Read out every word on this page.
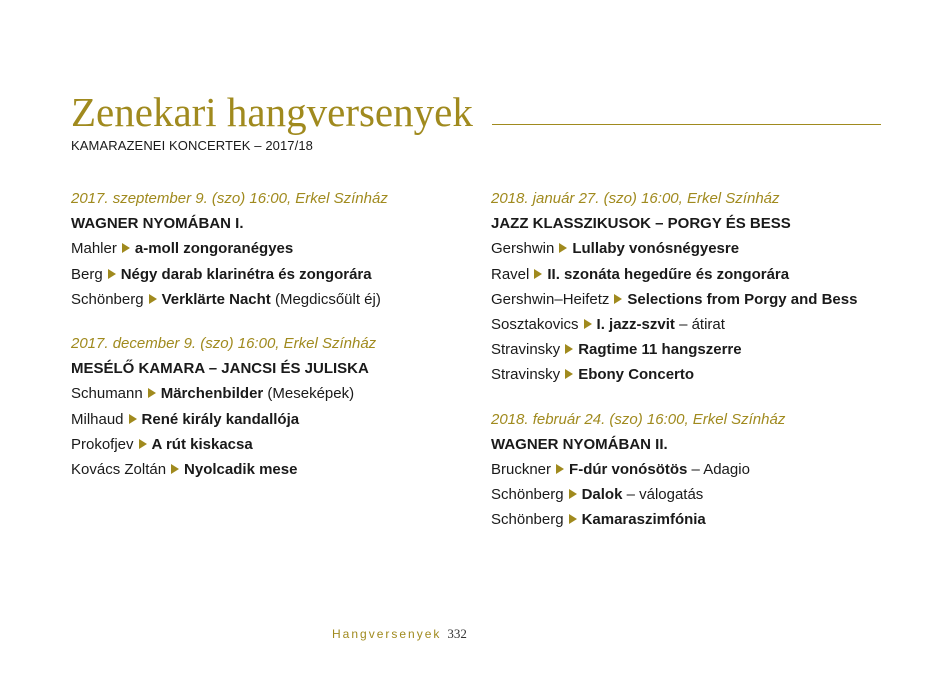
Zenekari hangversenyek
KAMARAZENEI KONCERTEK – 2017/18
2017. szeptember 9. (szo) 16:00, Erkel Színház
WAGNER NYOMÁBAN I.
Mahler a-moll zongoranégyes
Berg Négy darab klarinétra és zongorára
Schönberg Verklärte Nacht (Megdicsőült éj)
2017. december 9. (szo) 16:00, Erkel Színház
MESÉLŐ KAMARA – JANCSI ÉS JULISKA
Schumann Märchenbilder (Meseképek)
Milhaud René király kandallója
Prokofjev A rút kiskacsa
Kovács Zoltán Nyolcadik mese
2018. január 27. (szo) 16:00, Erkel Színház
JAZZ KLASSZIKUSOK – PORGY ÉS BESS
Gershwin Lullaby vonósnégyesre
Ravel II. szonáta hegedűre és zongorára
Gershwin–Heifetz Selections from Porgy and Bess
Sosztakovics I. jazz-szvit – átirat
Stravinsky Ragtime 11 hangszerre
Stravinsky Ebony Concerto
2018. február 24. (szo) 16:00, Erkel Színház
WAGNER NYOMÁBAN II.
Bruckner F-dúr vonósötös – Adagio
Schönberg Dalok – válogatás
Schönberg Kamaraszimfónia
Hangversenyek 332
